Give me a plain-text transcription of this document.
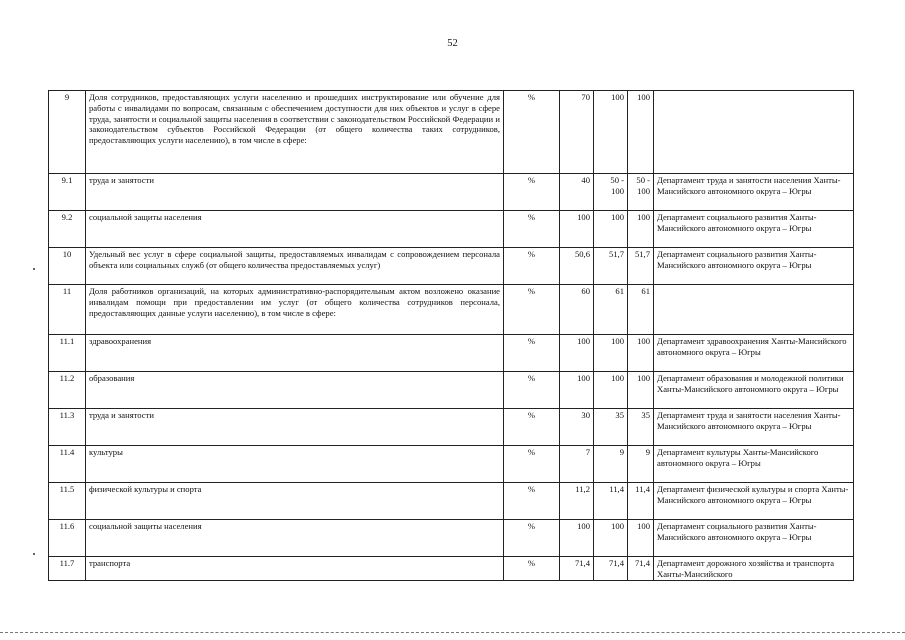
52
9	Доля сотрудников, предоставляющих услуги населению и прошедших инструктирование или обучение для работы с инвалидами по вопросам, связанным с обеспечением доступности для них объектов и услуг в сфере труда, занятости и социальной защиты населения в соответствии с законодательством Российской Федерации и законодательством субъектов Российской Федерации (от общего количества таких сотрудников, предоставляющих услуги населению), в том числе в сфере:	%	70	100	100	
9.1	труда и занятости	%	40	50 - 100	50 - 100	Департамент труда и занятости населения Ханты-Мансийского автономного округа – Югры
9.2	социальной защиты населения	%	100	100	100	Департамент социального развития Ханты-Мансийского автономного округа – Югры
10	Удельный вес услуг в сфере социальной защиты, предоставляемых инвалидам с сопровождением персонала объекта или социальных служб (от общего количества предоставляемых услуг)	%	50,6	51,7	51,7	Департамент социального развития Ханты-Мансийского автономного округа – Югры
11	Доля работников организаций, на которых административно-распорядительным актом возложено оказание инвалидам помощи при предоставлении им услуг (от общего количества сотрудников персонала, предоставляющих данные услуги населению), в том числе в сфере:	%	60	61	61	
11.1	здравоохранения	%	100	100	100	Департамент здравоохранения Ханты-Мансийского автономного округа – Югры
11.2	образования	%	100	100	100	Департамент образования и молодежной политики Ханты-Мансийского автономного округа – Югры
11.3	труда и занятости	%	30	35	35	Департамент труда и занятости населения Ханты-Мансийского автономного округа – Югры
11.4	культуры	%	7	9	9	Департамент культуры Ханты-Мансийского автономного округа – Югры
11.5	физической культуры и спорта	%	11,2	11,4	11,4	Департамент физической культуры и спорта Ханты-Мансийского автономного округа – Югры
11.6	социальной защиты населения	%	100	100	100	Департамент социального развития Ханты-Мансийского автономного округа – Югры
11.7	транспорта	%	71,4	71,4	71,4	Департамент дорожного хозяйства и транспорта Ханты-Мансийского
